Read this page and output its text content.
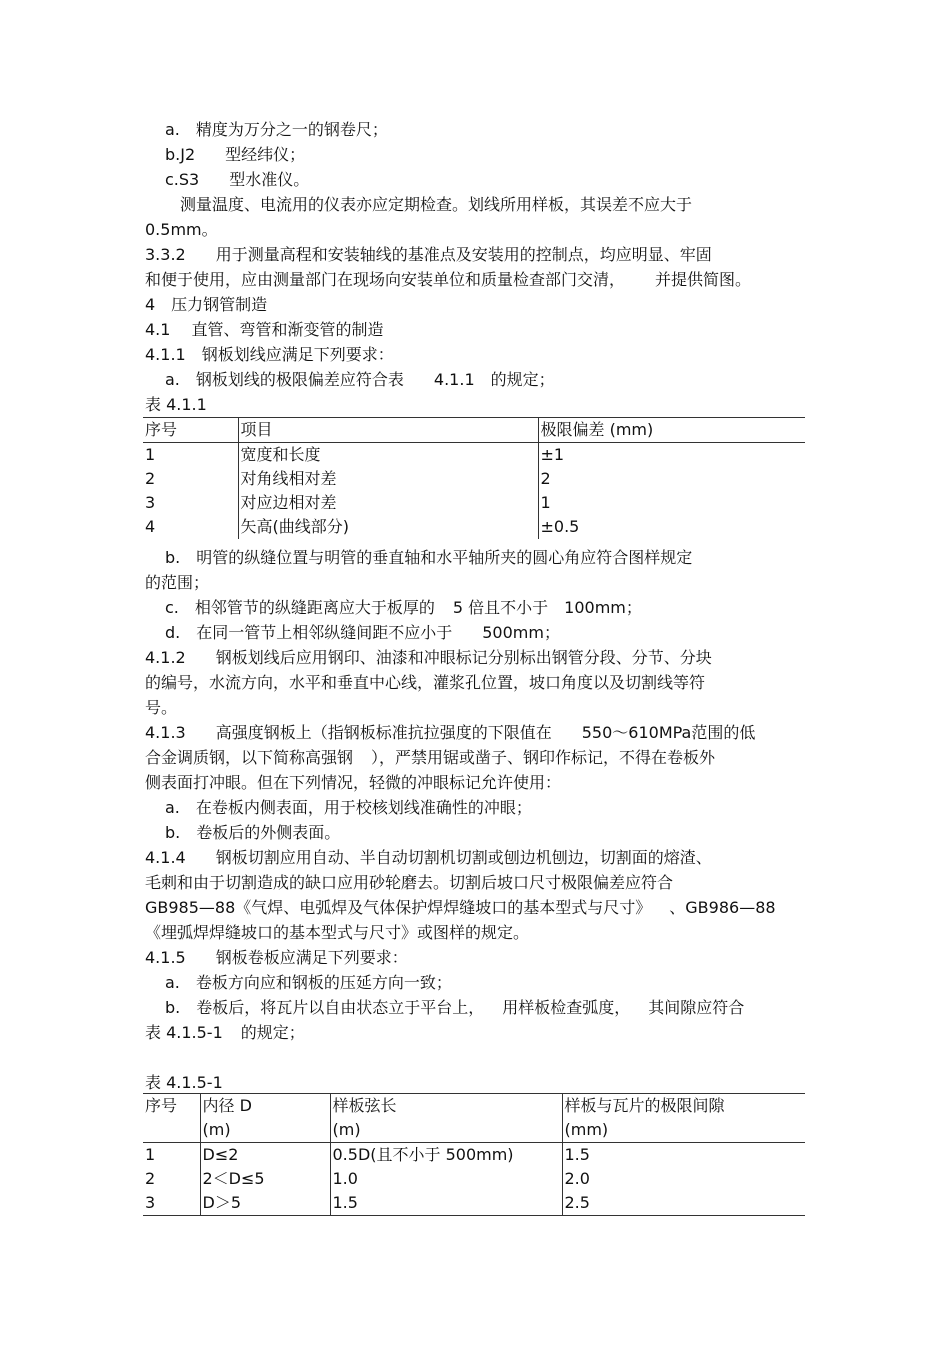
a.　精度为万分之一的钢卷尺；
b.J2 型经纬仪；
c.S3 型水准仪。
测量温度、电流用的仪表亦应定期检查。划线所用样板，其误差不应大于
0.5mm。
3.3.2 用于测量高程和安装轴线的基准点及安装用的控制点，均应明显、牢固
和便于使用，应由测量部门在现场向安装单位和质量检查部门交清， 并提供简图。
4　压力钢管制造
4.1　 直管、弯管和渐变管的制造
4.1.1　钢板划线应满足下列要求：
a.　钢板划线的极限偏差应符合表 4.1.1　的规定；
表 4.1.1
序号	项目	极限偏差 (mm)
1	宽度和长度	±1
2	对角线相对差	2
3	对应边相对差	1
4	矢高(曲线部分)	±0.5
b.　明管的纵缝位置与明管的垂直轴和水平轴所夹的圆心角应符合图样规定
的范围；
c.　相邻管节的纵缝距离应大于板厚的 5 倍且不小于　100mm；
d.　在同一管节上相邻纵缝间距不应小于 500mm；
4.1.2 钢板划线后应用钢印、油漆和冲眼标记分别标出钢管分段、分节、分块
的编号，水流方向，水平和垂直中心线，灌浆孔位置，坡口角度以及切割线等符
号。
4.1.3 高强度钢板上（指钢板标准抗拉强度的下限值在 550～610MPa范围的低
合金调质钢，以下简称高强钢 ），严禁用锯或凿子、钢印作标记，不得在卷板外
侧表面打冲眼。但在下列情况，轻微的冲眼标记允许使用：
a.　在卷板内侧表面，用于校核划线准确性的冲眼；
b.　卷板后的外侧表面。
4.1.4 钢板切割应用自动、半自动切割机切割或刨边机刨边，切割面的熔渣、
毛刺和由于切割造成的缺口应用砂轮磨去。切割后坡口尺寸极限偏差应符合
GB985—88《气焊、电弧焊及气体保护焊焊缝坡口的基本型式与尺寸》 、GB986—88
《埋弧焊焊缝坡口的基本型式与尺寸》或图样的规定。
4.1.5 钢板卷板应满足下列要求：
a.　卷板方向应和钢板的压延方向一致；
b.　卷板后，将瓦片以自由状态立于平台上， 用样板检查弧度， 其间隙应符合
表 4.1.5-1 的规定；
表 4.1.5-1
序号	内径 D	样板弦长	样板与瓦片的极限间隙
	(m)	(m)	(mm)
1	D≤2	0.5D(且不小于 500mm)	1.5
2	2＜D≤5	1.0	2.0
3	D＞5	1.5	2.5
